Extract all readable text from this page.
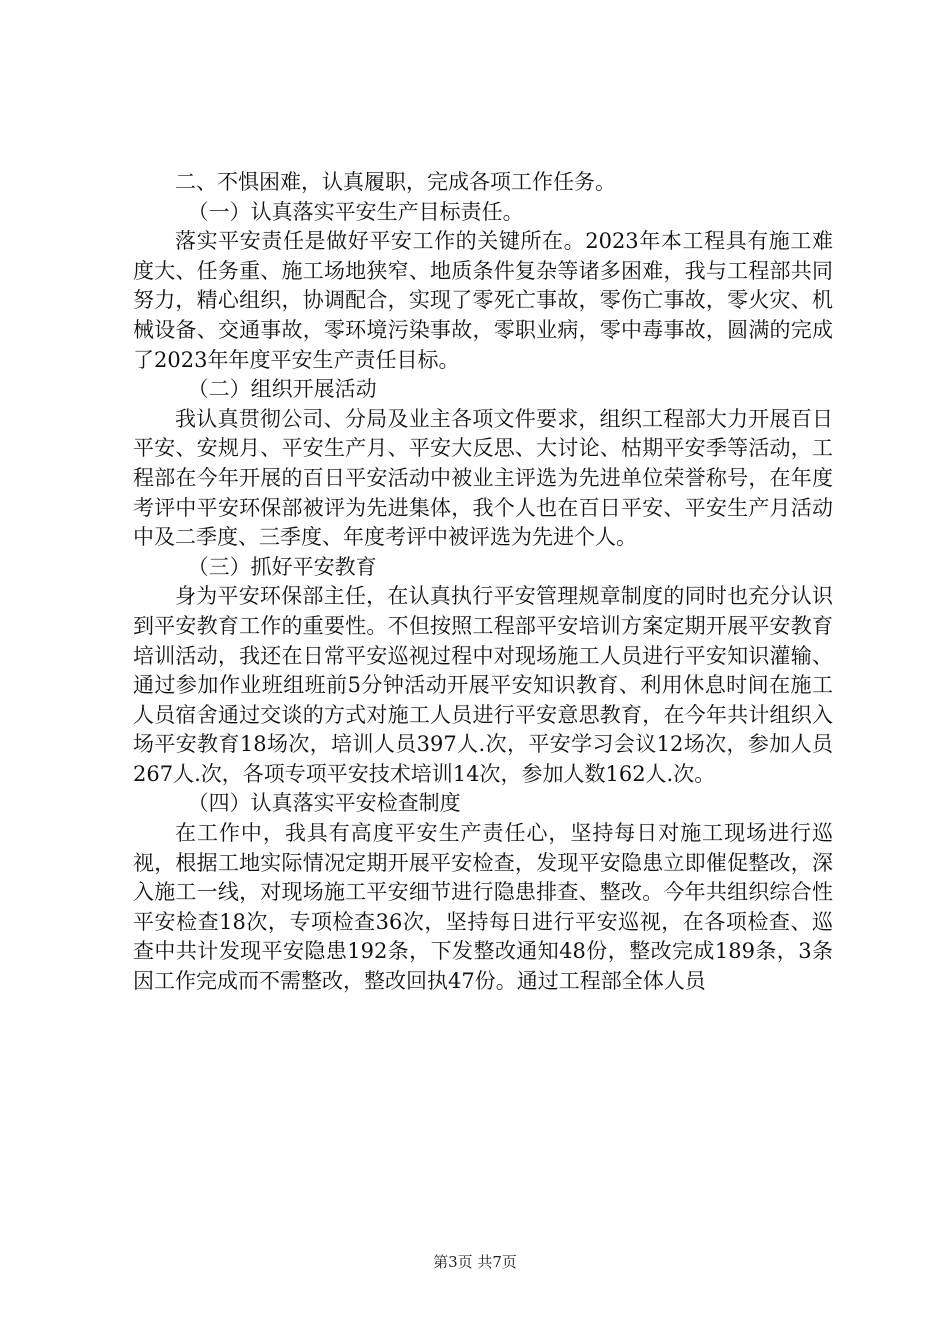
二、不惧困难，认真履职，完成各项工作任务。

（一）认真落实平安生产目标责任。

落实平安责任是做好平安工作的关键所在。2023年本工程具有施工难度大、任务重、施工场地狭窄、地质条件复杂等诸多困难，我与工程部共同努力，精心组织，协调配合，实现了零死亡事故，零伤亡事故，零火灾、机械设备、交通事故，零环境污染事故，零职业病，零中毒事故，圆满的完成了2023年年度平安生产责任目标。

（二）组织开展活动

我认真贯彻公司、分局及业主各项文件要求，组织工程部大力开展百日平安、安规月、平安生产月、平安大反思、大讨论、枯期平安季等活动，工程部在今年开展的百日平安活动中被业主评选为先进单位荣誉称号，在年度考评中平安环保部被评为先进集体，我个人也在百日平安、平安生产月活动中及二季度、三季度、年度考评中被评选为先进个人。

（三）抓好平安教育

身为平安环保部主任，在认真执行平安管理规章制度的同时也充分认识到平安教育工作的重要性。不但按照工程部平安培训方案定期开展平安教育培训活动，我还在日常平安巡视过程中对现场施工人员进行平安知识灌输、通过参加作业班组班前5分钟活动开展平安知识教育、利用休息时间在施工人员宿舍通过交谈的方式对施工人员进行平安意思教育，在今年共计组织入场平安教育18场次，培训人员397人.次，平安学习会议12场次，参加人员267人.次，各项专项平安技术培训14次，参加人数162人.次。

（四）认真落实平安检查制度

在工作中，我具有高度平安生产责任心，坚持每日对施工现场进行巡视，根据工地实际情况定期开展平安检查，发现平安隐患立即催促整改，深入施工一线，对现场施工平安细节进行隐患排查、整改。今年共组织综合性平安检查18次，专项检查36次，坚持每日进行平安巡视，在各项检查、巡查中共计发现平安隐患192条，下发整改通知48份，整改完成189条，3条因工作完成而不需整改，整改回执47份。通过工程部全体人员

第3页 共7页
